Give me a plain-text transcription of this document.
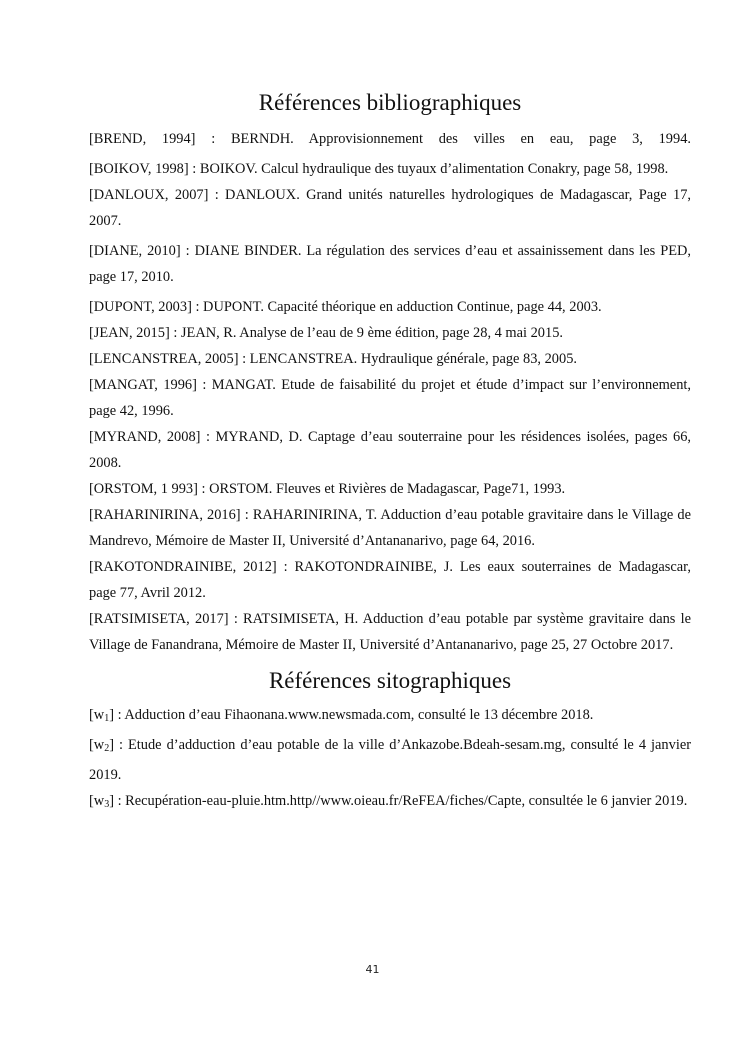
Références bibliographiques

[BREND, 1994] : BERNDH. Approvisionnement des villes en eau, page 3, 1994.

[BOIKOV, 1998] : BOIKOV. Calcul hydraulique des tuyaux d’alimentation Conakry, page 58, 1998.

[DANLOUX, 2007] : DANLOUX. Grand unités naturelles hydrologiques de Madagascar, Page 17, 2007.

[DIANE, 2010] : DIANE BINDER. La régulation des services d’eau et assainissement dans les PED, page 17, 2010.

[DUPONT, 2003] : DUPONT. Capacité théorique en adduction Continue, page 44, 2003.

[JEAN, 2015] : JEAN, R. Analyse de l’eau de 9 ème édition, page 28, 4 mai 2015.

[LENCANSTREA, 2005] : LENCANSTREA. Hydraulique générale, page 83, 2005.

[MANGAT, 1996] : MANGAT. Etude de faisabilité du projet et étude d’impact sur l’environnement, page 42, 1996.

[MYRAND, 2008] : MYRAND, D. Captage d’eau souterraine pour les résidences isolées, pages 66, 2008.

[ORSTOM, 1 993] : ORSTOM. Fleuves et Rivières de Madagascar, Page71, 1993.

[RAHARINIRINA, 2016] : RAHARINIRINA, T. Adduction d’eau potable gravitaire dans le Village de Mandrevo, Mémoire de Master II, Université d’Antananarivo, page 64, 2016.

[RAKOTONDRAINIBE, 2012] : RAKOTONDRAINIBE, J. Les eaux souterraines de Madagascar, page 77, Avril 2012.

[RATSIMISETA, 2017] : RATSIMISETA, H. Adduction d’eau potable par système gravitaire dans le Village de Fanandrana, Mémoire de Master II, Université d’Antananarivo, page 25, 27 Octobre 2017.

Références sitographiques

$[w_1]$ : Adduction d’eau Fihaonana.www.newsmada.com, consulté le 13 décembre 2018.

$[w_2]$ : Etude d’adduction d’eau potable de la ville d’Ankazobe.Bdeah-sesam.mg, consulté le 4 janvier 2019.

$[w_3]$ : Recupération-eau-pluie.htm.http//www.oieau.fr/ReFEA/fiches/Capte, consultée le 6 janvier 2019.

41
